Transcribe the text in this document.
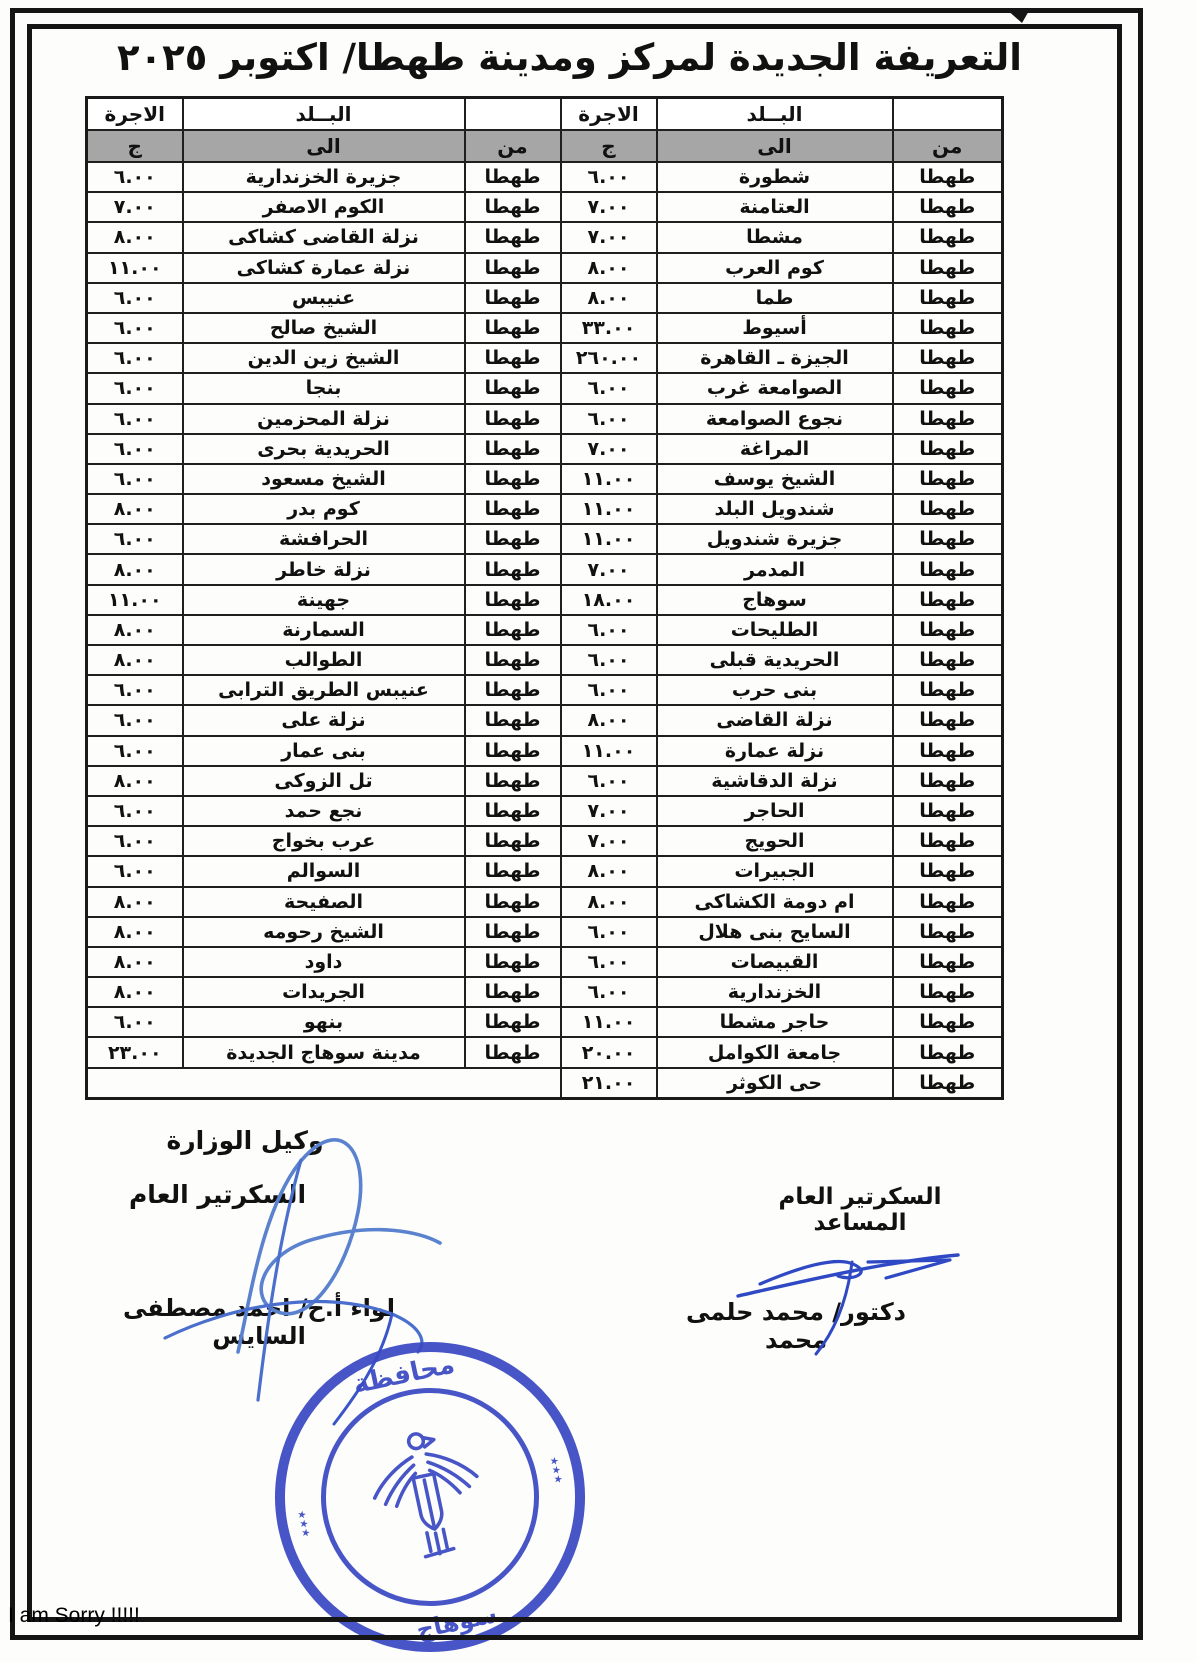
التعريفة الجديدة لمركز ومدينة طهطا/ اكتوبر ٢٠٢٥
	البــلد	الاجرة		البــلد	الاجرة
من	الى	ج	من	الى	ج
طهطا	شطورة	٦.٠٠	طهطا	جزيرة الخزندارية	٦.٠٠
طهطا	العتامنة	٧.٠٠	طهطا	الكوم الاصفر	٧.٠٠
طهطا	مشطا	٧.٠٠	طهطا	نزلة القاضى كشاكى	٨.٠٠
طهطا	كوم العرب	٨.٠٠	طهطا	نزلة عمارة كشاكى	١١.٠٠
طهطا	طما	٨.٠٠	طهطا	عنيبس	٦.٠٠
طهطا	أسيوط	٣٣.٠٠	طهطا	الشيخ صالح	٦.٠٠
طهطا	الجيزة ـ القاهرة	٢٦٠.٠٠	طهطا	الشيخ زين الدين	٦.٠٠
طهطا	الصوامعة غرب	٦.٠٠	طهطا	بنجا	٦.٠٠
طهطا	نجوع الصوامعة	٦.٠٠	طهطا	نزلة المحزمين	٦.٠٠
طهطا	المراغة	٧.٠٠	طهطا	الحريدية بحرى	٦.٠٠
طهطا	الشيخ يوسف	١١.٠٠	طهطا	الشيخ مسعود	٦.٠٠
طهطا	شندويل البلد	١١.٠٠	طهطا	كوم بدر	٨.٠٠
طهطا	جزيرة شندويل	١١.٠٠	طهطا	الحرافشة	٦.٠٠
طهطا	المدمر	٧.٠٠	طهطا	نزلة خاطر	٨.٠٠
طهطا	سوهاج	١٨.٠٠	طهطا	جهينة	١١.٠٠
طهطا	الطليحات	٦.٠٠	طهطا	السمارنة	٨.٠٠
طهطا	الحريدية قبلى	٦.٠٠	طهطا	الطوالب	٨.٠٠
طهطا	بنى حرب	٦.٠٠	طهطا	عنيبس الطريق الترابى	٦.٠٠
طهطا	نزلة القاضى	٨.٠٠	طهطا	نزلة على	٦.٠٠
طهطا	نزلة عمارة	١١.٠٠	طهطا	بنى عمار	٦.٠٠
طهطا	نزلة الدقاشية	٦.٠٠	طهطا	تل الزوكى	٨.٠٠
طهطا	الحاجر	٧.٠٠	طهطا	نجع حمد	٦.٠٠
طهطا	الحويج	٧.٠٠	طهطا	عرب بخواج	٦.٠٠
طهطا	الجبيرات	٨.٠٠	طهطا	السوالم	٦.٠٠
طهطا	ام دومة الكشاكى	٨.٠٠	طهطا	الصفيحة	٨.٠٠
طهطا	السايح بنى هلال	٦.٠٠	طهطا	الشيخ رحومه	٨.٠٠
طهطا	القبيصات	٦.٠٠	طهطا	داود	٨.٠٠
طهطا	الخزندارية	٦.٠٠	طهطا	الجريدات	٨.٠٠
طهطا	حاجر مشطا	١١.٠٠	طهطا	بنهو	٦.٠٠
طهطا	جامعة الكوامل	٢٠.٠٠	طهطا	مدينة سوهاج الجديدة	٢٣.٠٠
طهطا	حى الكوثر	٢١.٠٠			
وكيل الوزارة
السكرتير العام
لواء أ.ح/ احمد مصطفى السايس
السكرتير العام المساعد
دكتور/ محمد حلمى محمد
محافظة
سوهاج
٭٭٭
٭٭٭
I am Sorry !!!!!
